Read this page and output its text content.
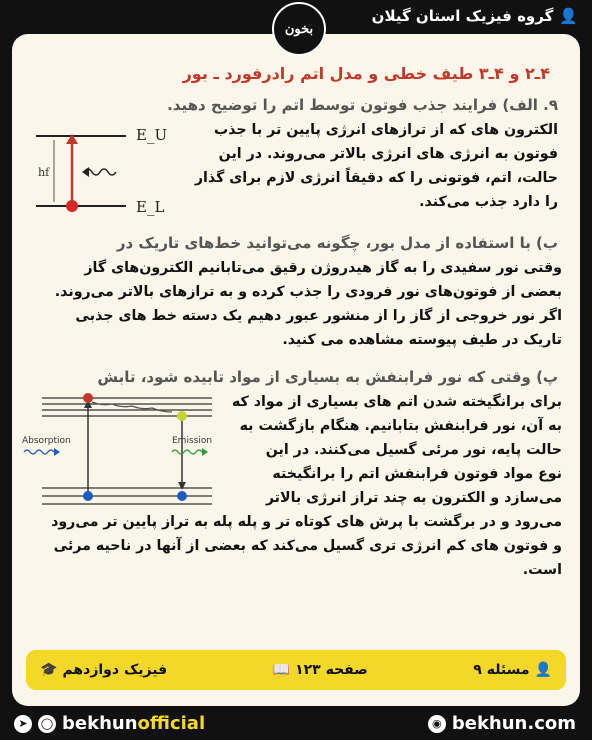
👤
گروه فیزیک استان گیلان
بخون
۴ـ۲ و ۴ـ۳ طیف خطی و مدل اتم رادرفورد ـ بور
۹. الف) فرایند جذب فوتون توسط اتم را توضیح دهید.
الکترون های که از ترازهای انرژی پایین تر با جذب
فوتون به انرژی های انرژی بالاتر می‌روند. در این
حالت، اتم، فوتونی را که دقیقاً انرژی لازم برای گذار
را دارد جذب می‌کند.
hf
E_U
E_L
ب) با استفاده از مدل بور، چگونه می‌توانید خط‌های تاریک در
وقتی نور سفیدی را به گاز هیدروژن رقیق می‌تابانیم الکترون‌های گاز
بعضی از فوتون‌های نور فرودی را جذب کرده و به ترازهای بالاتر می‌روند.
اگر نور خروجی از گاز را از منشور عبور دهیم یک دسته خط های جذبی
تاریک در طیف پیوسته مشاهده می کنید.
پ) وقتی که نور فرابنفش به بسیاری از مواد تابیده شود، تابش
برای برانگیخته شدن اتم های بسیاری از مواد که
به آن، نور فرابنفش بتابانیم. هنگام بازگشت به
حالت پایه، نور مرئی گسیل می‌کنند. در این
نوع مواد فوتون فرابنفش اتم را برانگیخته
می‌سازد و الکترون به چند تراز انرژی بالاتر
می‌رود و در برگشت با پرش های کوتاه تر و پله پله به تراز پایین تر می‌رود
و فوتون های کم انرژی تری گسیل می‌کند که بعضی از آنها در ناحیه مرئی
است.
Absorption	Emission
👤
مسئله ۹
صفحه ۱۲۳
📖
فیزیک دوازدهم
🎓
➤	◯ bekhunofficial	◉ bekhun.com
